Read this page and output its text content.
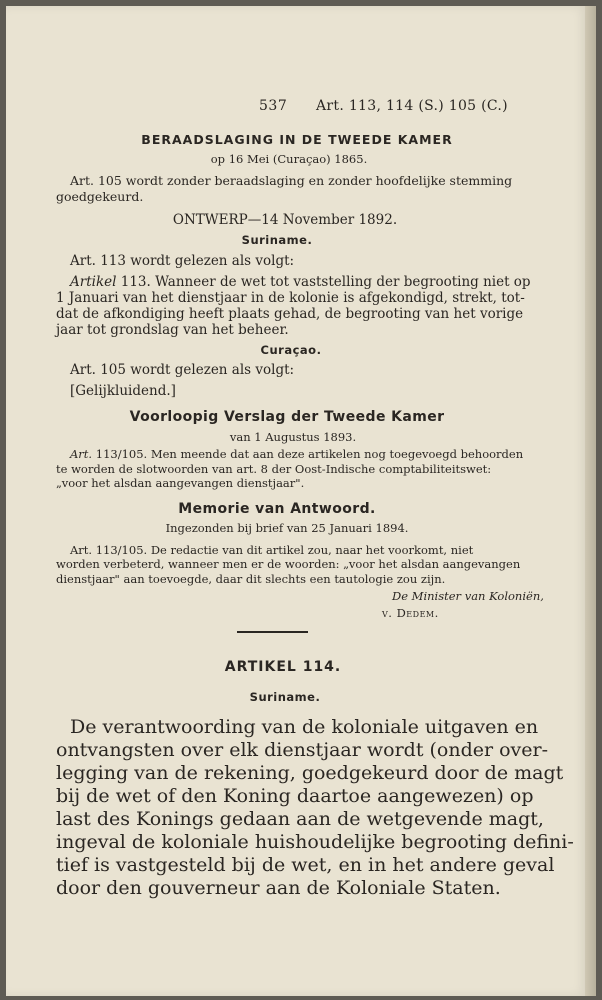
537 Art. 113, 114 (S.) 105 (C.)
BERAADSLAGING IN DE TWEEDE KAMER
op 16 Mei (Curaçao) 1865.
Art. 105 wordt zonder beraadslaging en zonder hoofdelijke stemming
goedgekeurd.
ONTWERP—14 November 1892.
Suriname.
Art. 113 wordt gelezen als volgt:
Artikel 113. Wanneer de wet tot vaststelling der begrooting niet op
1 Januari van het dienstjaar in de kolonie is afgekondigd, strekt, tot-
dat de afkondiging heeft plaats gehad, de begrooting van het vorige
jaar tot grondslag van het beheer.
Curaçao.
Art. 105 wordt gelezen als volgt:
[Gelijkluidend.]
Voorloopig Verslag der Tweede Kamer
van 1 Augustus 1893.
Art. 113/105. Men meende dat aan deze artikelen nog toegevoegd behoorden
te worden de slotwoorden van art. 8 der Oost-Indische comptabiliteitswet:
„voor het alsdan aangevangen dienstjaar".
Memorie van Antwoord.
Ingezonden bij brief van 25 Januari 1894.
Art. 113/105. De redactie van dit artikel zou, naar het voorkomt, niet
worden verbeterd, wanneer men er de woorden: „voor het alsdan aangevangen
dienstjaar" aan toevoegde, daar dit slechts een tautologie zou zijn.
De Minister van Koloniën,
v. Dedem.
ARTIKEL 114.
Suriname.
De verantwoording van de koloniale uitgaven en
ontvangsten over elk dienstjaar wordt (onder over-
legging van de rekening, goedgekeurd door de magt
bij de wet of den Koning daartoe aangewezen) op
last des Konings gedaan aan de wetgevende magt,
ingeval de koloniale huishoudelijke begrooting defini-
tief is vastgesteld bij de wet, en in het andere geval
door den gouverneur aan de Koloniale Staten.
